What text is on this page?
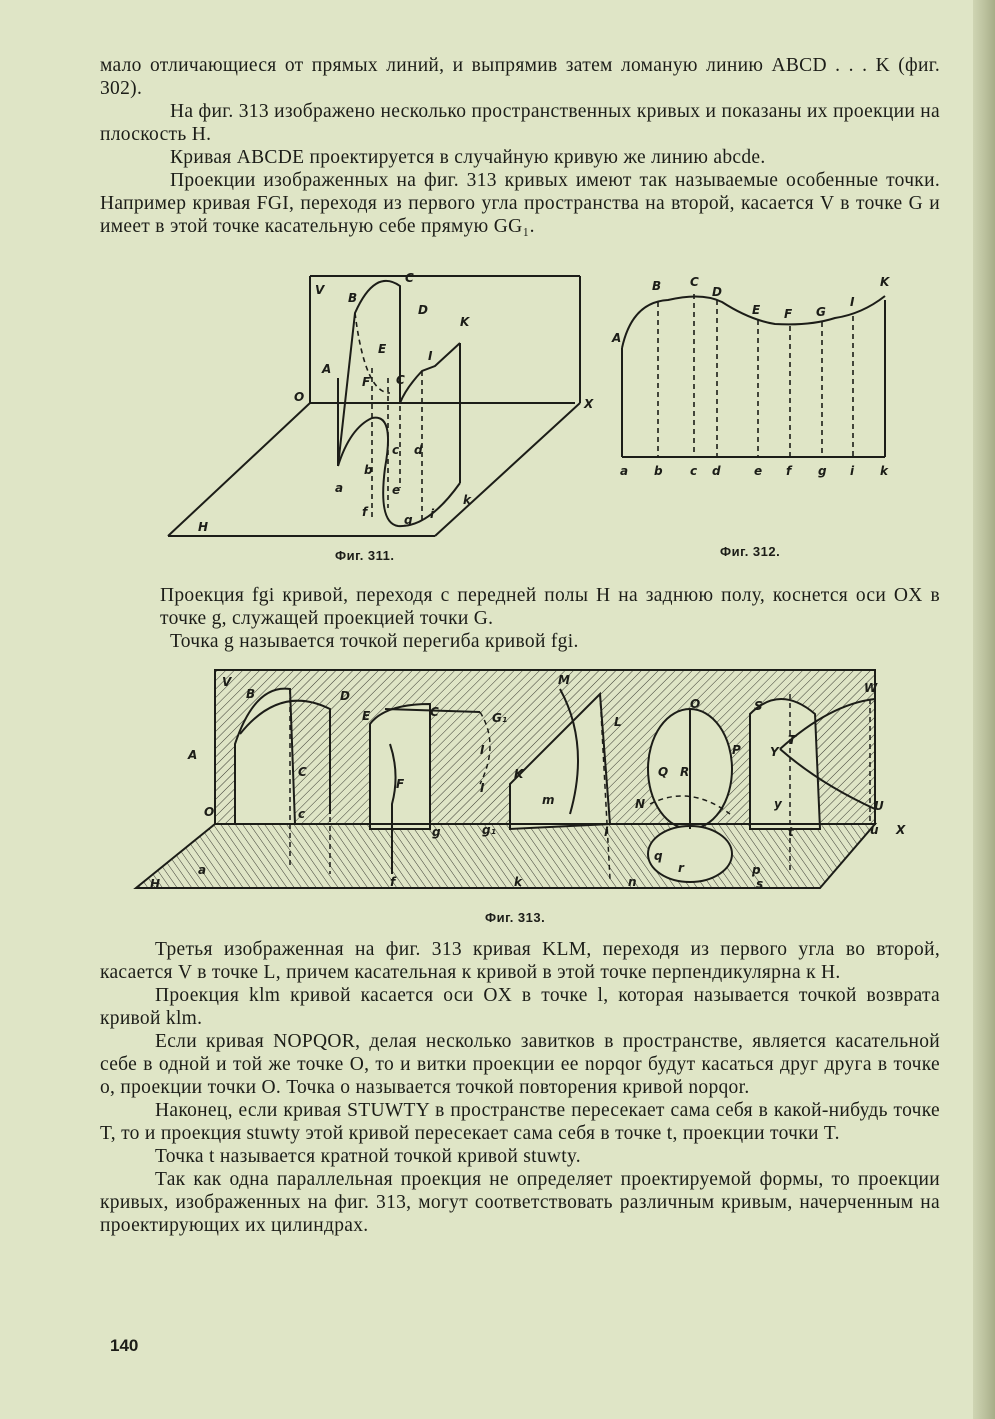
мало отличающиеся от прямых линий, и выпрямив затем ломаную линию ABCD . . . K (фиг. 302).

На фиг. 313 изображено несколько пространственных кривых и показаны их проекции на плоскость H.

Кривая ABCDE проектируется в случайную кривую же линию abcde.

Проекции изображенных на фиг. 313 кривых имеют так называемые особенные точки. Например кривая FGI, переходя из первого угла пространства на второй, касается V в точке G и имеет в этой точке касательную себе прямую GG₁.

V
B
C
D
K
E
A
I
F C
O	X
c d
b
a	e
k
f	i
g
H
Фиг. 311.
B C
D
E F G
I
K
A
a b c d	e f g i k
Фиг. 312.

Проекция fgi кривой, переходя с передней полы H на заднюю полу, коснется оси OX в точке g, служащей проекцией точки G.

Точка g называется точкой перегиба кривой fgi.

V
B	D
E	C	G₁
M
O	S
W
A
L
Y
T
P
I
Q R
C
F
K
m
I
N	y	U
O	c
g	g₁	l	t	X
a
q
r
u
f	k	n
p
s
H
Фиг. 313.

Третья изображенная на фиг. 313 кривая KLM, переходя из первого угла во второй, касается V в точке L, причем касательная к кривой в этой точке перпендикулярна к H.

Проекция klm кривой касается оси OX в точке l, которая называется точкой возврата кривой klm.

Если кривая NOPQOR, делая несколько завитков в пространстве, является касательной себе в одной и той же точке O, то и витки проекции ее nopqor будут касаться друг друга в точке o, проекции точки O. Точка o называется точкой повторения кривой nopqor.

Наконец, если кривая STUWTY в пространстве пересекает сама себя в какой-нибудь точке T, то и проекция stuwty этой кривой пересекает сама себя в точке t, проекции точки T.

Точка t называется кратной точкой кривой stuwty.

Так как одна параллельная проекция не определяет проектируемой формы, то проекции кривых, изображенных на фиг. 313, могут соответствовать различным кривым, начерченным на проектирующих их цилиндрах.

140
